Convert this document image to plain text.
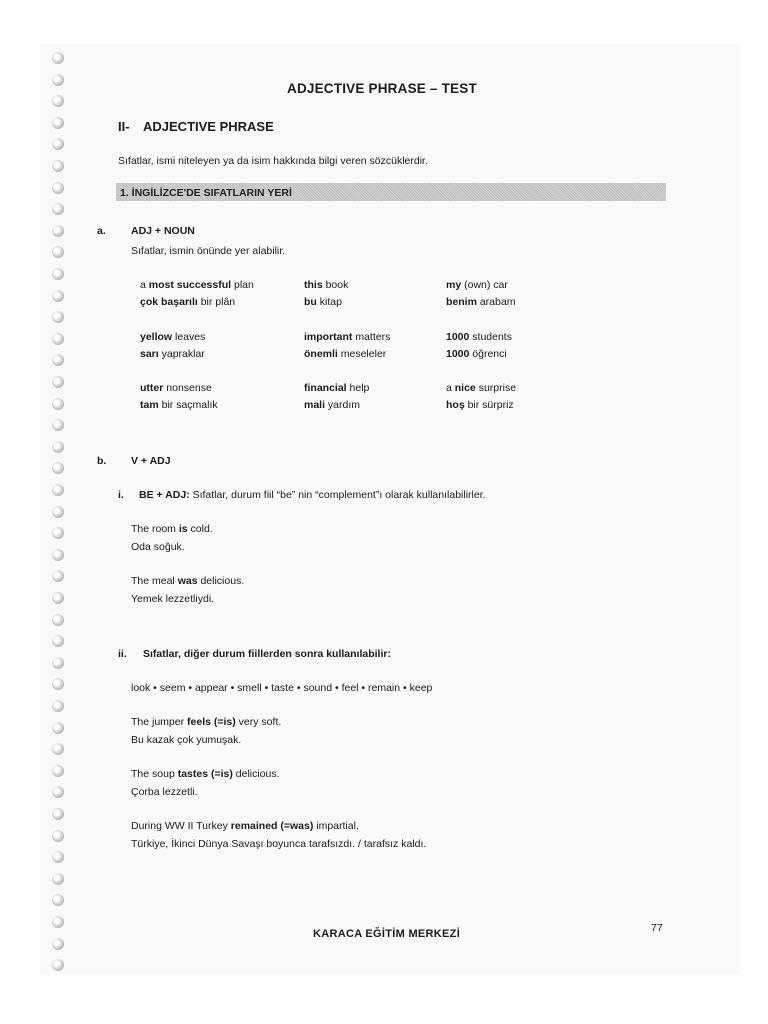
ADJECTIVE PHRASE – TEST
II- ADJECTIVE PHRASE
Sıfatlar, ismi niteleyen ya da isim hakkında bilgi veren sözcüklerdir.
1. İNGİLİZCE'DE SIFATLARIN YERİ
a. ADJ + NOUN
Sıfatlar, ismin önünde yer alabilir.
a most successful plan
çok başarılı bir plân
this book
bu kitap
my (own) car
benim arabam
yellow leaves
sarı yapraklar
important matters
önemli meseleler
1000 students
1000 öğrenci
utter nonsense
tam bir saçmalık
financial help
mali yardım
a nice surprise
hoş bir sürpriz
b. V + ADJ
i. BE + ADJ: Sıfatlar, durum fiil “be” nin “complement”ı olarak kullanılabilirler.
The room is cold.
Oda soğuk.
The meal was delicious.
Yemek lezzetliydi.
ii. Sıfatlar, diğer durum fiillerden sonra kullanılabilir:
look • seem • appear • smell • taste • sound • feel • remain • keep
The jumper feels (=is) very soft.
Bu kazak çok yumuşak.
The soup tastes (=is) delicious.
Çorba lezzetli.
During WW II Turkey remained (=was) impartial.
Türkiye, İkinci Dünya Savaşı boyunca tarafsızdı. / tarafsız kaldı.
KARACA EĞİTİM MERKEZİ	77
